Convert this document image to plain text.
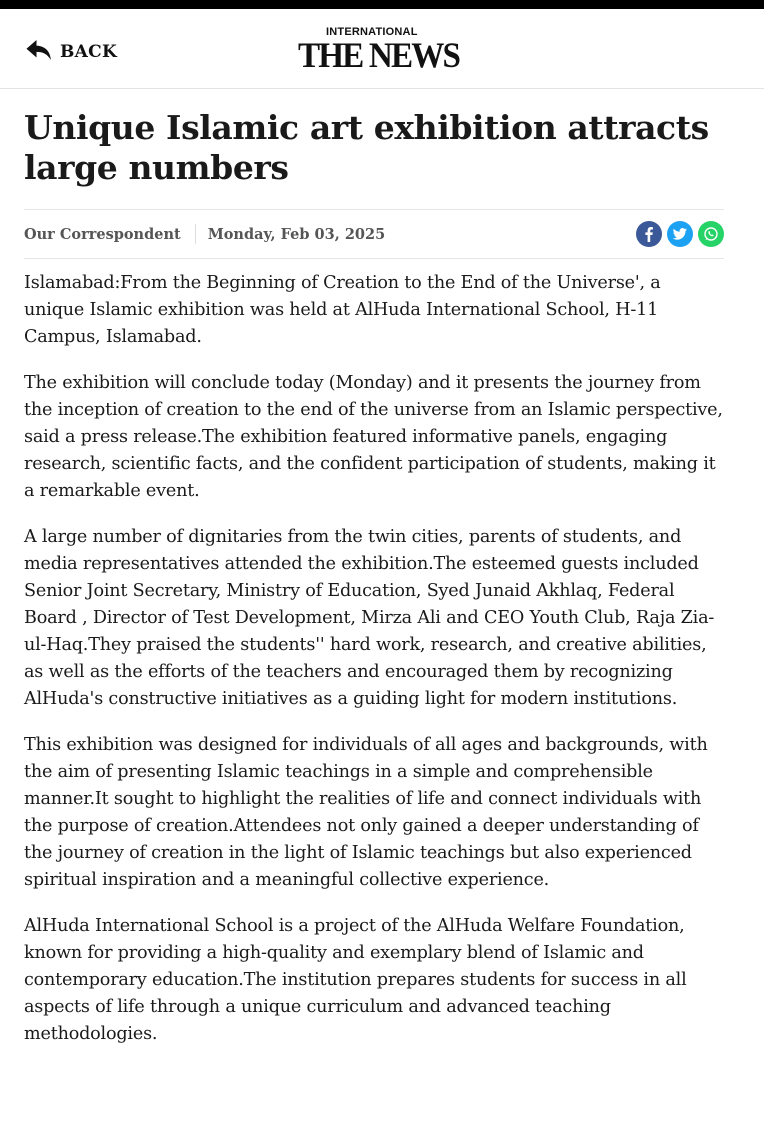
BACK
INTERNATIONAL
THE NEWS
Unique Islamic art exhibition attracts large numbers
Our Correspondent Monday, Feb 03, 2025

Islamabad:From the Beginning of Creation to the End of the Universe', a unique Islamic exhibition was held at AlHuda International School, H-11 Campus, Islamabad.

The exhibition will conclude today (Monday) and it presents the journey from the inception of creation to the end of the universe from an Islamic perspective, said a press release.The exhibition featured informative panels, engaging research, scientific facts, and the confident participation of students, making it a remarkable event.

A large number of dignitaries from the twin cities, parents of students, and media representatives attended the exhibition.The esteemed guests included Senior Joint Secretary, Ministry of Education, Syed Junaid Akhlaq, Federal Board , Director of Test Development, Mirza Ali and CEO Youth Club, Raja Zia-ul-Haq.They praised the students'' hard work, research, and creative abilities, as well as the efforts of the teachers and encouraged them by recognizing AlHuda's constructive initiatives as a guiding light for modern institutions.

This exhibition was designed for individuals of all ages and backgrounds, with the aim of presenting Islamic teachings in a simple and comprehensible manner.It sought to highlight the realities of life and connect individuals with the purpose of creation.Attendees not only gained a deeper understanding of the journey of creation in the light of Islamic teachings but also experienced spiritual inspiration and a meaningful collective experience.

AlHuda International School is a project of the AlHuda Welfare Foundation, known for providing a high-quality and exemplary blend of Islamic and contemporary education.The institution prepares students for success in all aspects of life through a unique curriculum and advanced teaching methodologies.
